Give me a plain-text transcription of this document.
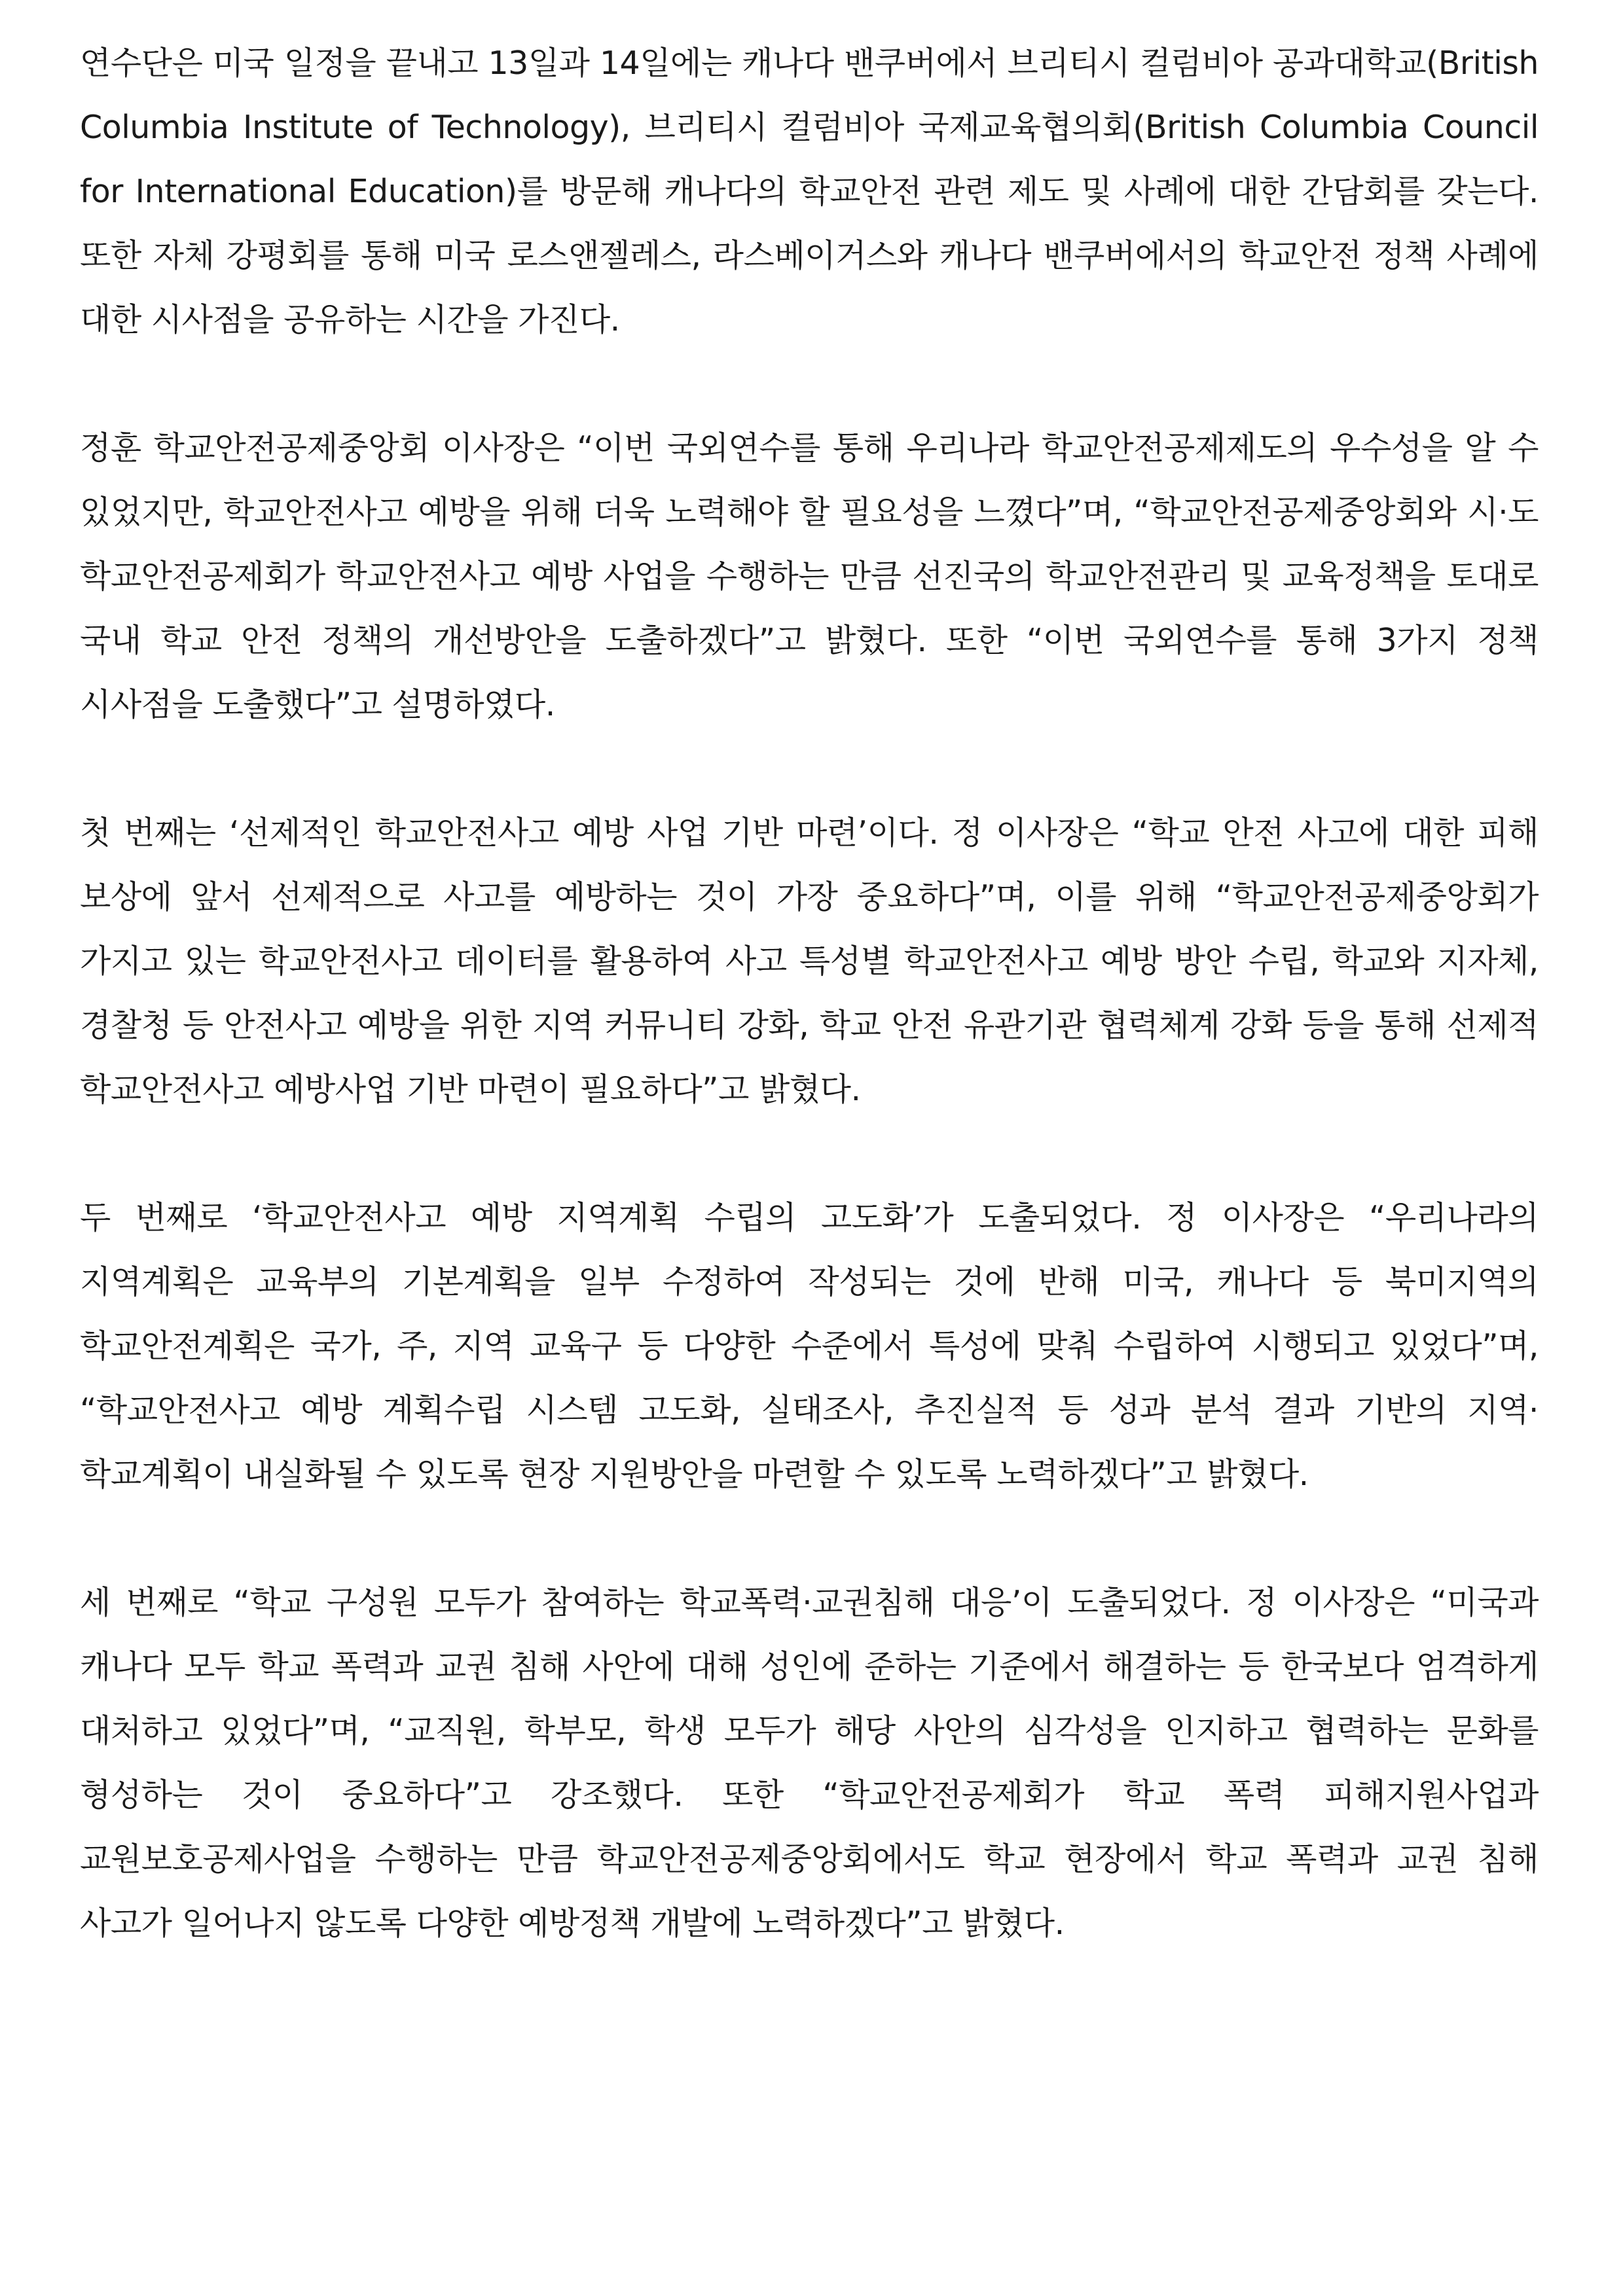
연수단은 미국 일정을 끝내고 13일과 14일에는 캐나다 밴쿠버에서 브리티시 컬럼비아 공과대학교(British Columbia Institute of Technology), 브리티시 컬럼비아 국제교육협의회(British Columbia Council for International Education)를 방문해 캐나다의 학교안전 관련 제도 및 사례에 대한 간담회를 갖는다. 또한 자체 강평회를 통해 미국 로스앤젤레스, 라스베이거스와 캐나다 밴쿠버에서의 학교안전 정책 사례에 대한 시사점을 공유하는 시간을 가진다.

정훈 학교안전공제중앙회 이사장은 “이번 국외연수를 통해 우리나라 학교안전공제제도의 우수성을 알 수 있었지만, 학교안전사고 예방을 위해 더욱 노력해야 할 필요성을 느꼈다”며, “학교안전공제중앙회와 시·도 학교안전공제회가 학교안전사고 예방 사업을 수행하는 만큼 선진국의 학교안전관리 및 교육정책을 토대로 국내 학교 안전 정책의 개선방안을 도출하겠다”고 밝혔다. 또한 “이번 국외연수를 통해 3가지 정책 시사점을 도출했다”고 설명하였다.

첫 번째는 ‘선제적인 학교안전사고 예방 사업 기반 마련’이다. 정 이사장은 “학교 안전 사고에 대한 피해 보상에 앞서 선제적으로 사고를 예방하는 것이 가장 중요하다”며, 이를 위해 “학교안전공제중앙회가 가지고 있는 학교안전사고 데이터를 활용하여 사고 특성별 학교안전사고 예방 방안 수립, 학교와 지자체, 경찰청 등 안전사고 예방을 위한 지역 커뮤니티 강화, 학교 안전 유관기관 협력체계 강화 등을 통해 선제적 학교안전사고 예방사업 기반 마련이 필요하다”고 밝혔다.

두 번째로 ‘학교안전사고 예방 지역계획 수립의 고도화’가 도출되었다. 정 이사장은 “우리나라의 지역계획은 교육부의 기본계획을 일부 수정하여 작성되는 것에 반해 미국, 캐나다 등 북미지역의 학교안전계획은 국가, 주, 지역 교육구 등 다양한 수준에서 특성에 맞춰 수립하여 시행되고 있었다”며, “학교안전사고 예방 계획수립 시스템 고도화, 실태조사, 추진실적 등 성과 분석 결과 기반의 지역·학교계획이 내실화될 수 있도록 현장 지원방안을 마련할 수 있도록 노력하겠다”고 밝혔다.

세 번째로 “학교 구성원 모두가 참여하는 학교폭력·교권침해 대응’이 도출되었다. 정 이사장은 “미국과 캐나다 모두 학교 폭력과 교권 침해 사안에 대해 성인에 준하는 기준에서 해결하는 등 한국보다 엄격하게 대처하고 있었다”며, “교직원, 학부모, 학생 모두가 해당 사안의 심각성을 인지하고 협력하는 문화를 형성하는 것이 중요하다”고 강조했다. 또한 “학교안전공제회가 학교 폭력 피해지원사업과 교원보호공제사업을 수행하는 만큼 학교안전공제중앙회에서도 학교 현장에서 학교 폭력과 교권 침해 사고가 일어나지 않도록 다양한 예방정책 개발에 노력하겠다”고 밝혔다.
